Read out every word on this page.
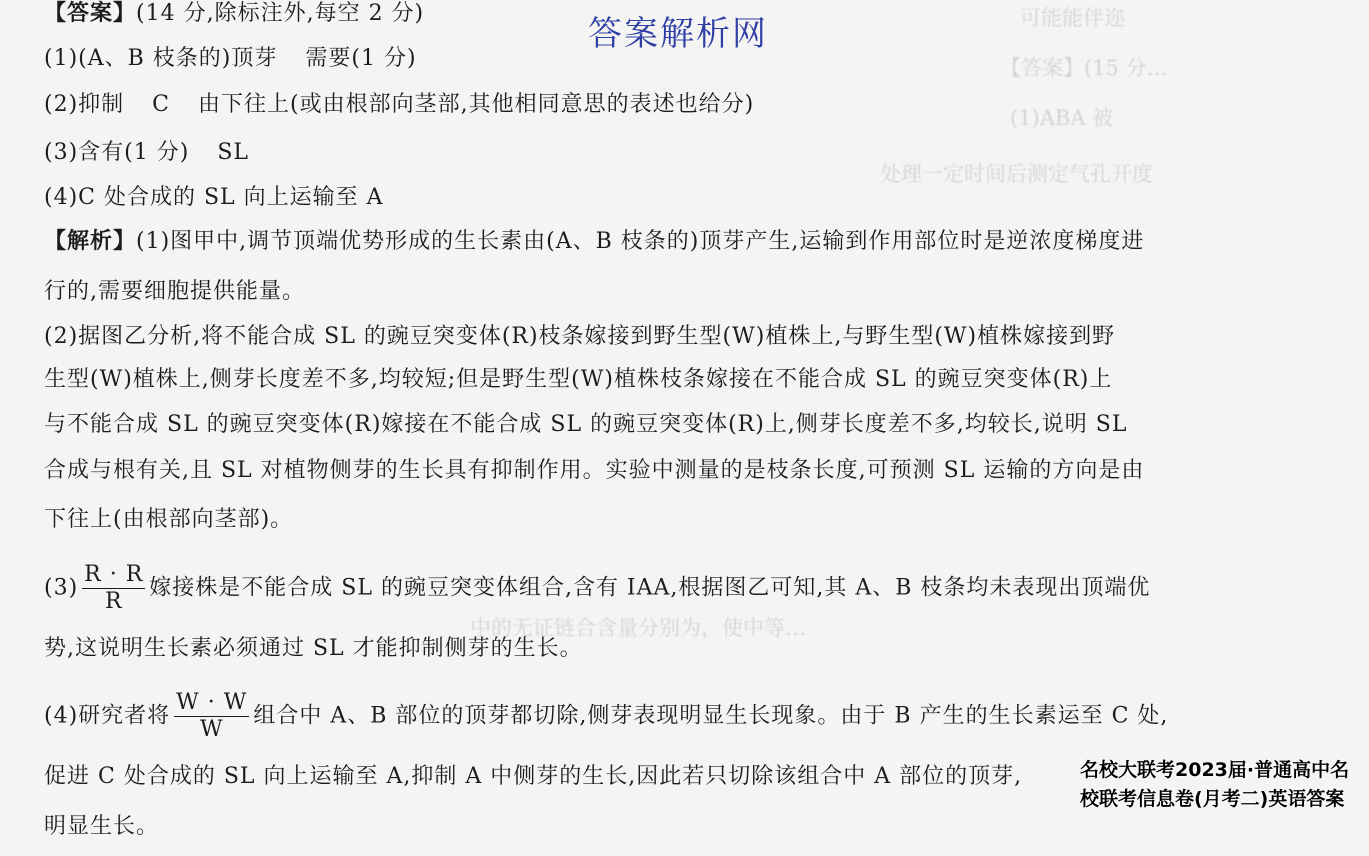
可能能伴迩
【答案】(15 分…
(1)ABA 被
处理一定时间后测定气孔开度
中的无证链合含量分别为，使中等…
答案解析网
【答案】(14 分,除标注外,每空 2 分)
(1)(A、B 枝条的)顶芽 需要(1 分)
(2)抑制 C 由下往上(或由根部向茎部,其他相同意思的表述也给分)
(3)含有(1 分) SL
(4)C 处合成的 SL 向上运输至 A
【解析】(1)图甲中,调节顶端优势形成的生长素由(A、B 枝条的)顶芽产生,运输到作用部位时是逆浓度梯度进
行的,需要细胞提供能量。
(2)据图乙分析,将不能合成 SL 的豌豆突变体(R)枝条嫁接到野生型(W)植株上,与野生型(W)植株嫁接到野
生型(W)植株上,侧芽长度差不多,均较短;但是野生型(W)植株枝条嫁接在不能合成 SL 的豌豆突变体(R)上
与不能合成 SL 的豌豆突变体(R)嫁接在不能合成 SL 的豌豆突变体(R)上,侧芽长度差不多,均较长,说明 SL
合成与根有关,且 SL 对植物侧芽的生长具有抑制作用。实验中测量的是枝条长度,可预测 SL 运输的方向是由
下往上(由根部向茎部)。
$(3) \frac{R \cdot R}{R}$ 嫁接株是不能合成 SL 的豌豆突变体组合,含有 IAA,根据图乙可知,其 A、B 枝条均未表现出顶端优
势,这说明生长素必须通过 SL 才能抑制侧芽的生长。
(4)研究者将 $\frac{W \cdot W}{W}$ 组合中 A、B 部位的顶芽都切除,侧芽表现明显生长现象。由于 B 产生的生长素运至 C 处,
促进 C 处合成的 SL 向上运输至 A,抑制 A 中侧芽的生长,因此若只切除该组合中 A 部位的顶芽,
明显生长。
名校大联考2023届·普通高中名校联考信息卷(月考二)英语答案
